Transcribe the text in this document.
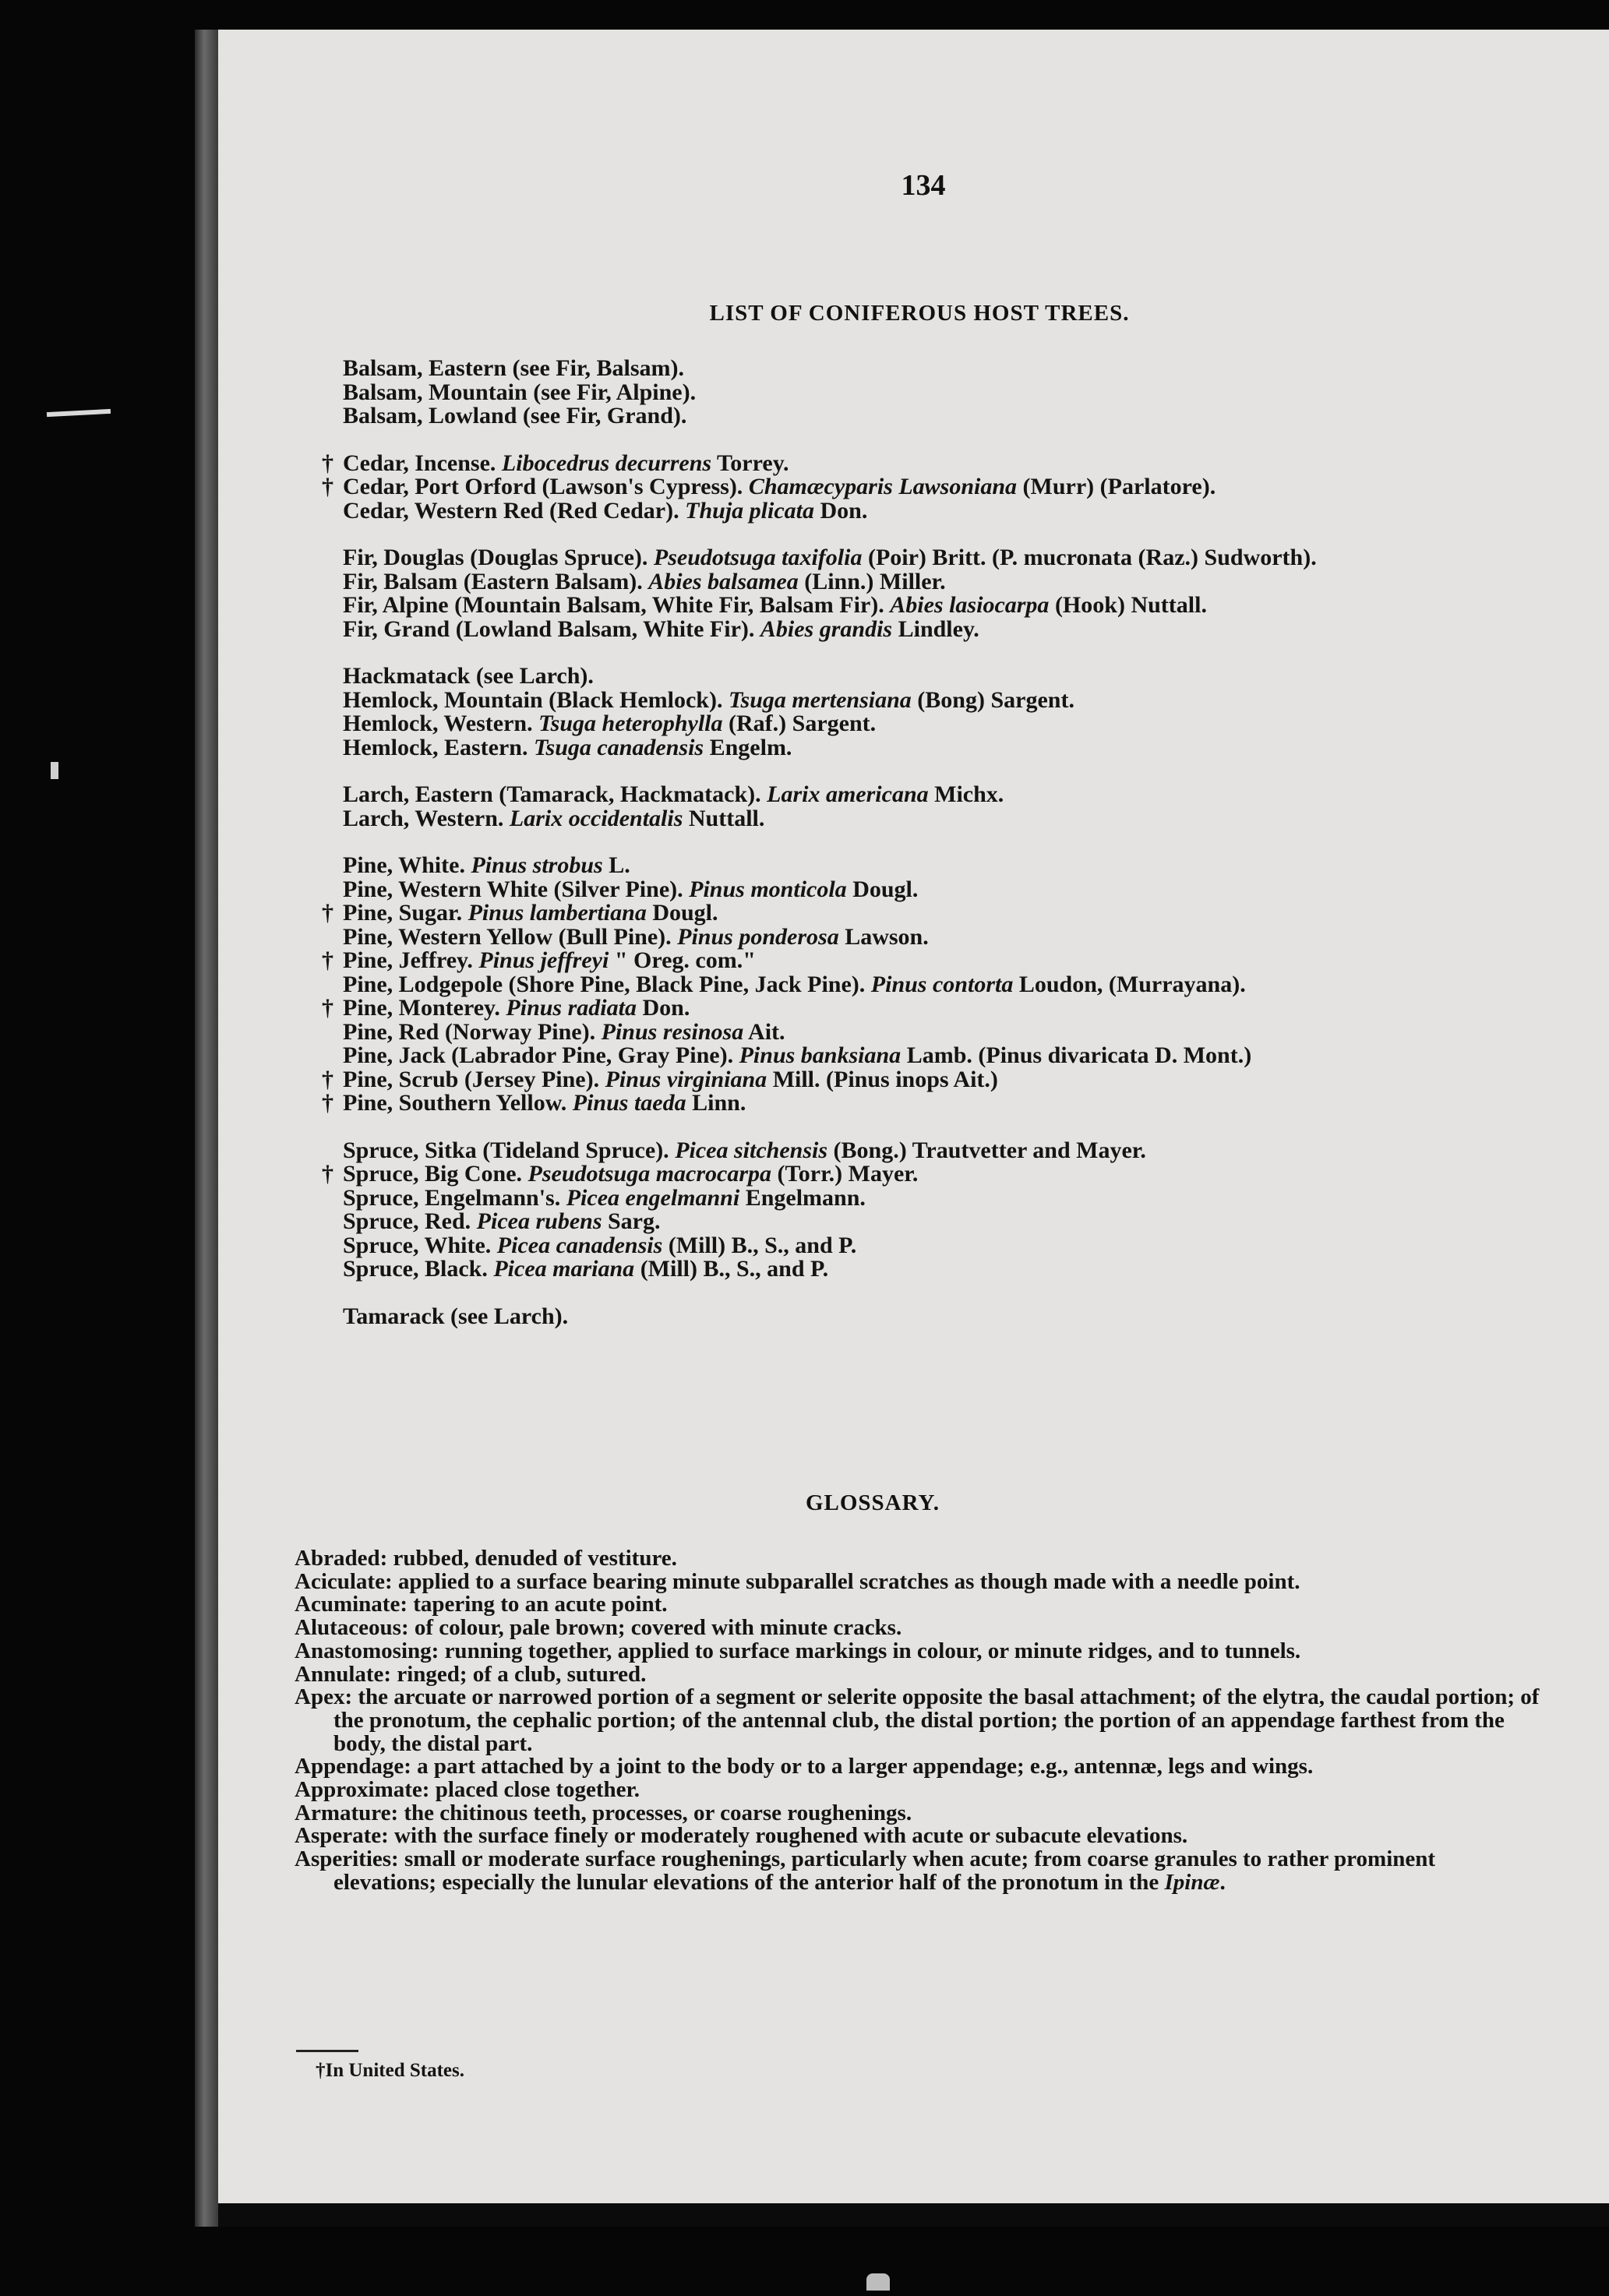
134
LIST OF CONIFEROUS HOST TREES.
Balsam, Eastern (see Fir, Balsam).
Balsam, Mountain (see Fir, Alpine).
Balsam, Lowland (see Fir, Grand).
† Cedar, Incense. Libocedrus decurrens Torrey.
† Cedar, Port Orford (Lawson's Cypress). Chamæcyparis Lawsoniana (Murr) (Parlatore).
Cedar, Western Red (Red Cedar). Thuja plicata Don.
Fir, Douglas (Douglas Spruce). Pseudotsuga taxifolia (Poir) Britt. (P. mucronata (Raz.) Sudworth).
Fir, Balsam (Eastern Balsam). Abies balsamea (Linn.) Miller.
Fir, Alpine (Mountain Balsam, White Fir, Balsam Fir). Abies lasiocarpa (Hook) Nuttall.
Fir, Grand (Lowland Balsam, White Fir). Abies grandis Lindley.
Hackmatack (see Larch).
Hemlock, Mountain (Black Hemlock). Tsuga mertensiana (Bong) Sargent.
Hemlock, Western. Tsuga heterophylla (Raf.) Sargent.
Hemlock, Eastern. Tsuga canadensis Engelm.
Larch, Eastern (Tamarack, Hackmatack). Larix americana Michx.
Larch, Western. Larix occidentalis Nuttall.
Pine, White. Pinus strobus L.
Pine, Western White (Silver Pine). Pinus monticola Dougl.
† Pine, Sugar. Pinus lambertiana Dougl.
Pine, Western Yellow (Bull Pine). Pinus ponderosa Lawson.
† Pine, Jeffrey. Pinus jeffreyi " Oreg. com."
Pine, Lodgepole (Shore Pine, Black Pine, Jack Pine). Pinus contorta Loudon, (Murrayana).
† Pine, Monterey. Pinus radiata Don.
Pine, Red (Norway Pine). Pinus resinosa Ait.
Pine, Jack (Labrador Pine, Gray Pine). Pinus banksiana Lamb. (Pinus divaricata D. Mont.)
† Pine, Scrub (Jersey Pine). Pinus virginiana Mill. (Pinus inops Ait.)
† Pine, Southern Yellow. Pinus taeda Linn.
Spruce, Sitka (Tideland Spruce). Picea sitchensis (Bong.) Trautvetter and Mayer.
† Spruce, Big Cone. Pseudotsuga macrocarpa (Torr.) Mayer.
Spruce, Engelmann's. Picea engelmanni Engelmann.
Spruce, Red. Picea rubens Sarg.
Spruce, White. Picea canadensis (Mill) B., S., and P.
Spruce, Black. Picea mariana (Mill) B., S., and P.
Tamarack (see Larch).
GLOSSARY.
Abraded: rubbed, denuded of vestiture.
Aciculate: applied to a surface bearing minute subparallel scratches as though made with a needle point.
Acuminate: tapering to an acute point.
Alutaceous: of colour, pale brown; covered with minute cracks.
Anastomosing: running together, applied to surface markings in colour, or minute ridges, and to tunnels.
Annulate: ringed; of a club, sutured.
Apex: the arcuate or narrowed portion of a segment or selerite opposite the basal attachment; of the elytra, the caudal portion; of the pronotum, the cephalic portion; of the antennal club, the distal portion; the portion of an appendage farthest from the body, the distal part.
Appendage: a part attached by a joint to the body or to a larger appendage; e.g., antennæ, legs and wings.
Approximate: placed close together.
Armature: the chitinous teeth, processes, or coarse roughenings.
Asperate: with the surface finely or moderately roughened with acute or subacute elevations.
Asperities: small or moderate surface roughenings, particularly when acute; from coarse granules to rather prominent elevations; especially the lunular elevations of the anterior half of the pronotum in the Ipinæ.
†In United States.
